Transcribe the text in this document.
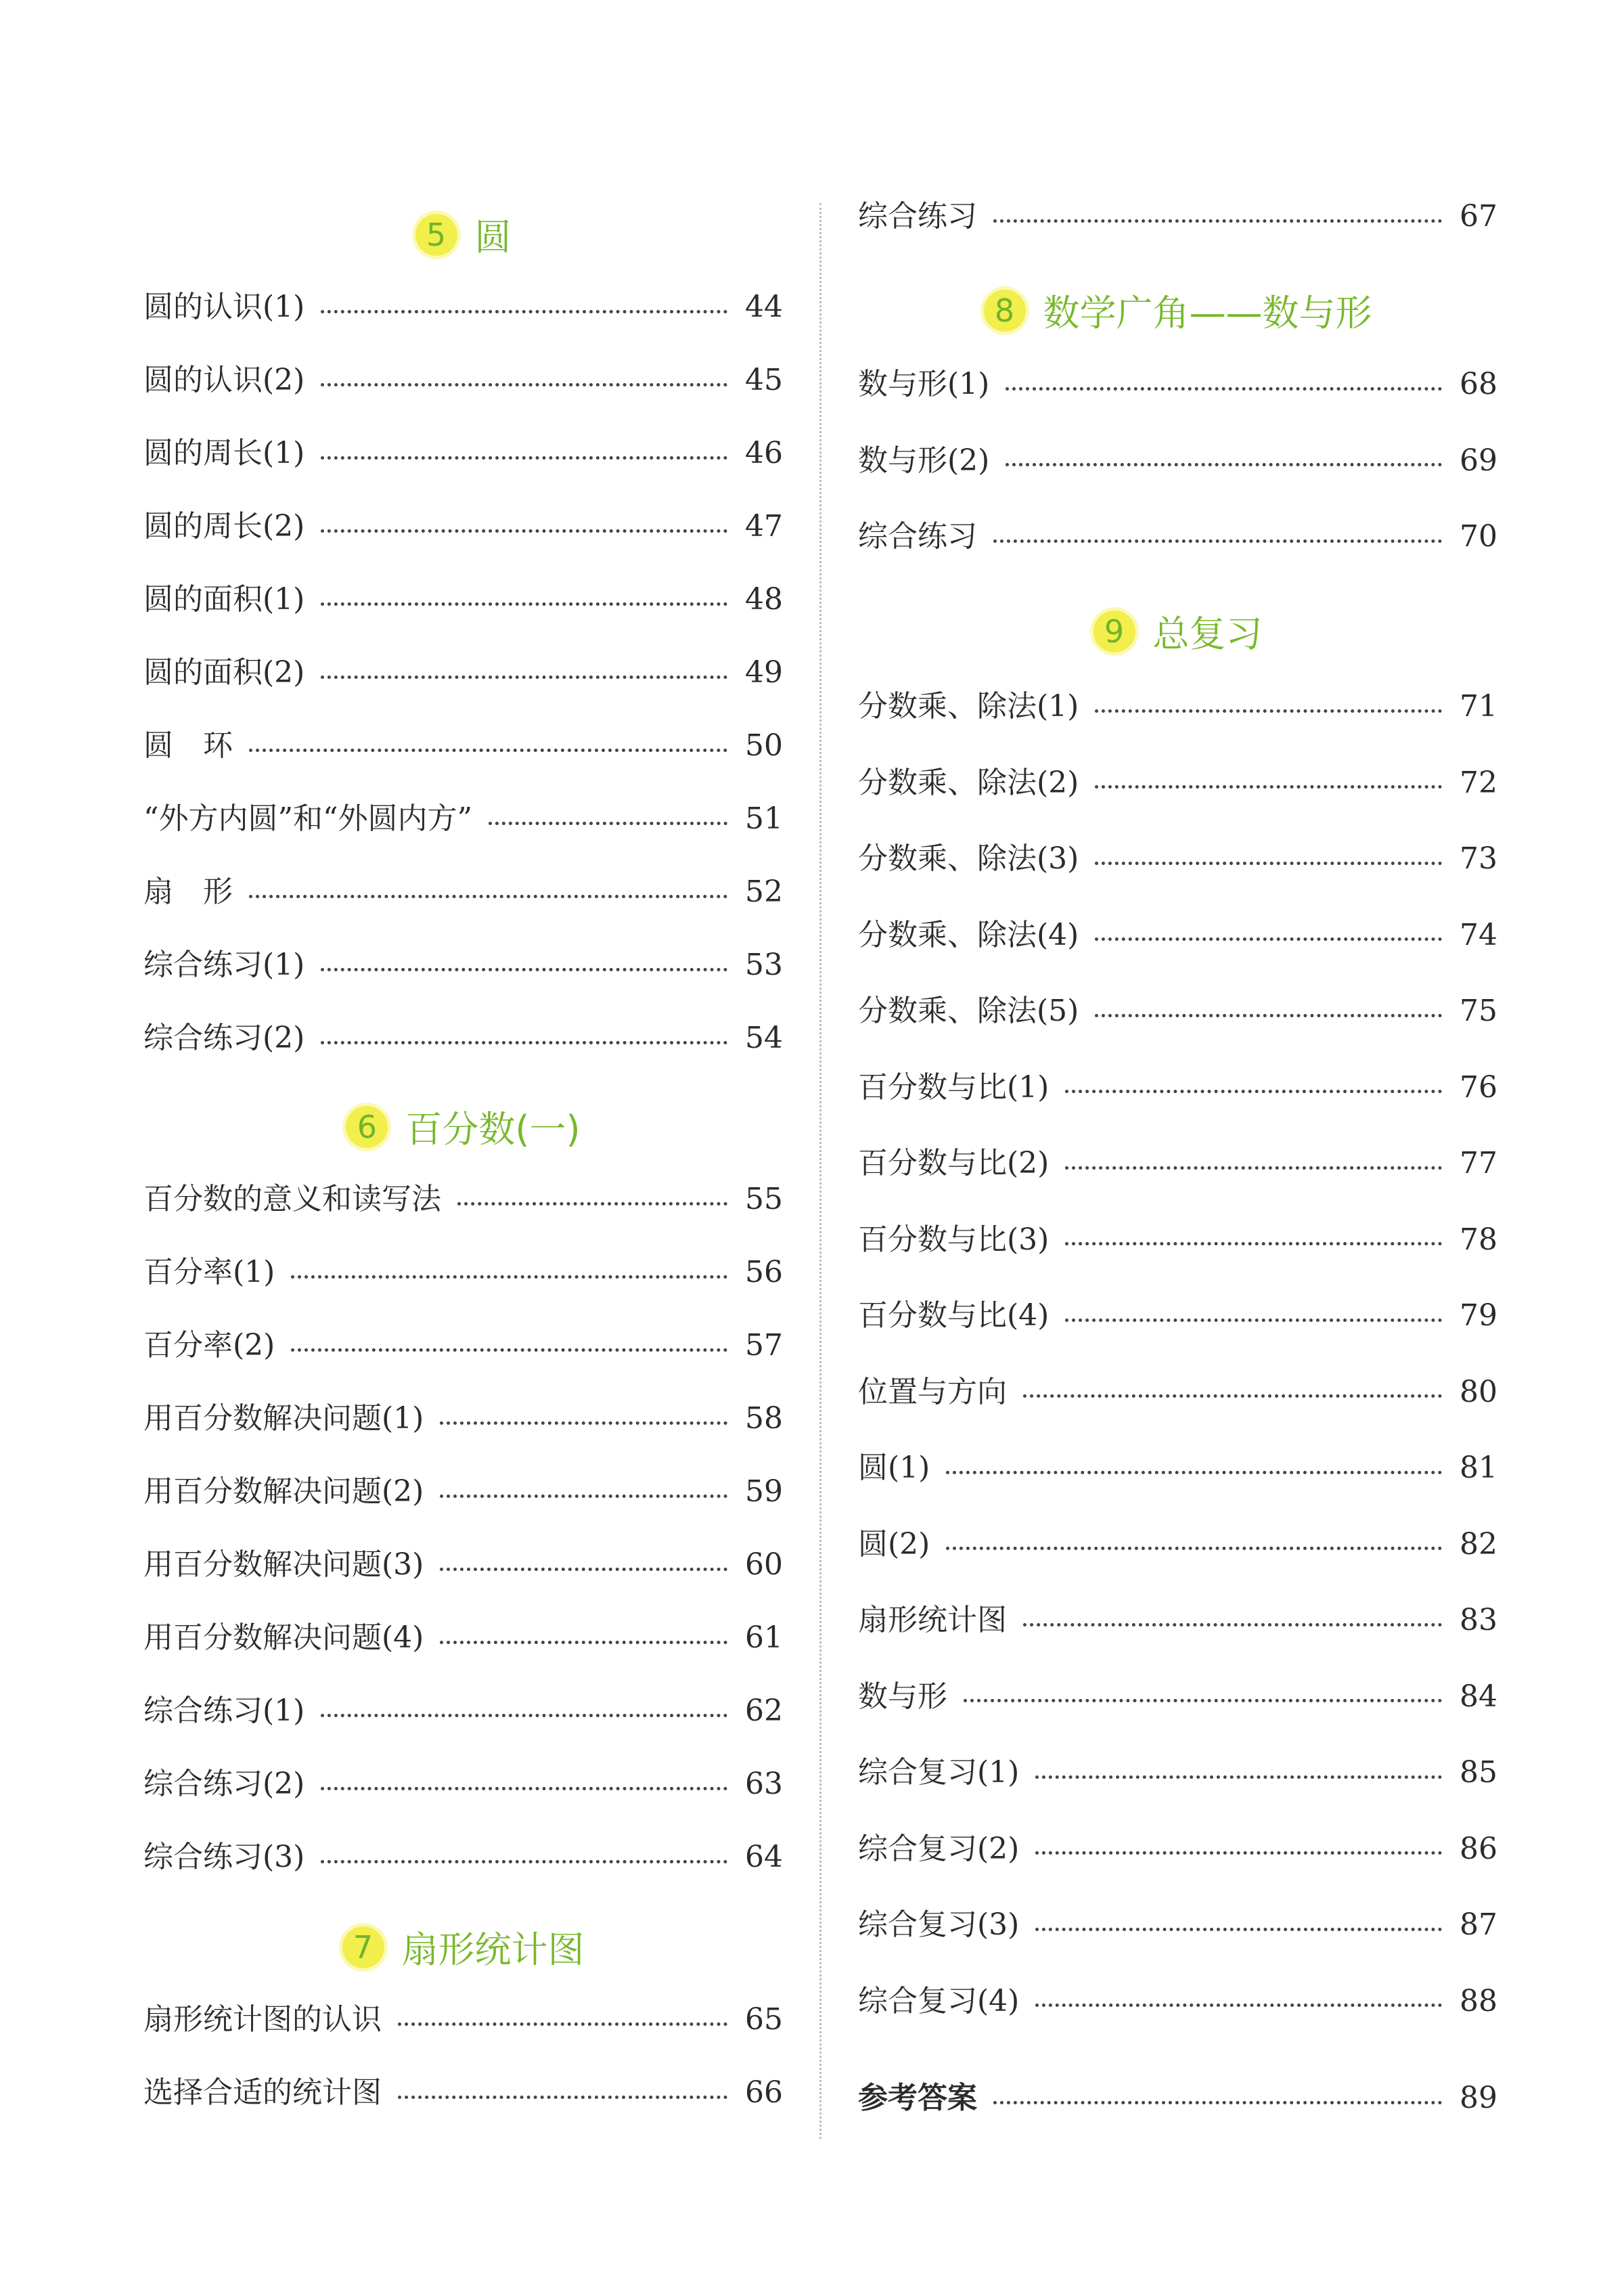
5 圆
圆的认识(1)	44
圆的认识(2)	45
圆的周长(1)	46
圆的周长(2)	47
圆的面积(1)	48
圆的面积(2)	49
圆　环	50
“外方内圆”和“外圆内方”	51
扇　形	52
综合练习(1)	53
综合练习(2)	54
6 百分数(一)
百分数的意义和读写法	55
百分率(1)	56
百分率(2)	57
用百分数解决问题(1)	58
用百分数解决问题(2)	59
用百分数解决问题(3)	60
用百分数解决问题(4)	61
综合练习(1)	62
综合练习(2)	63
综合练习(3)	64
7 扇形统计图
扇形统计图的认识	65
选择合适的统计图	66
综合练习	67
8 数学广角——数与形
数与形(1)	68
数与形(2)	69
综合练习	70
9 总复习
分数乘、除法(1)	71
分数乘、除法(2)	72
分数乘、除法(3)	73
分数乘、除法(4)	74
分数乘、除法(5)	75
百分数与比(1)	76
百分数与比(2)	77
百分数与比(3)	78
百分数与比(4)	79
位置与方向	80
圆(1)	81
圆(2)	82
扇形统计图	83
数与形	84
综合复习(1)	85
综合复习(2)	86
综合复习(3)	87
综合复习(4)	88
参考答案	89
